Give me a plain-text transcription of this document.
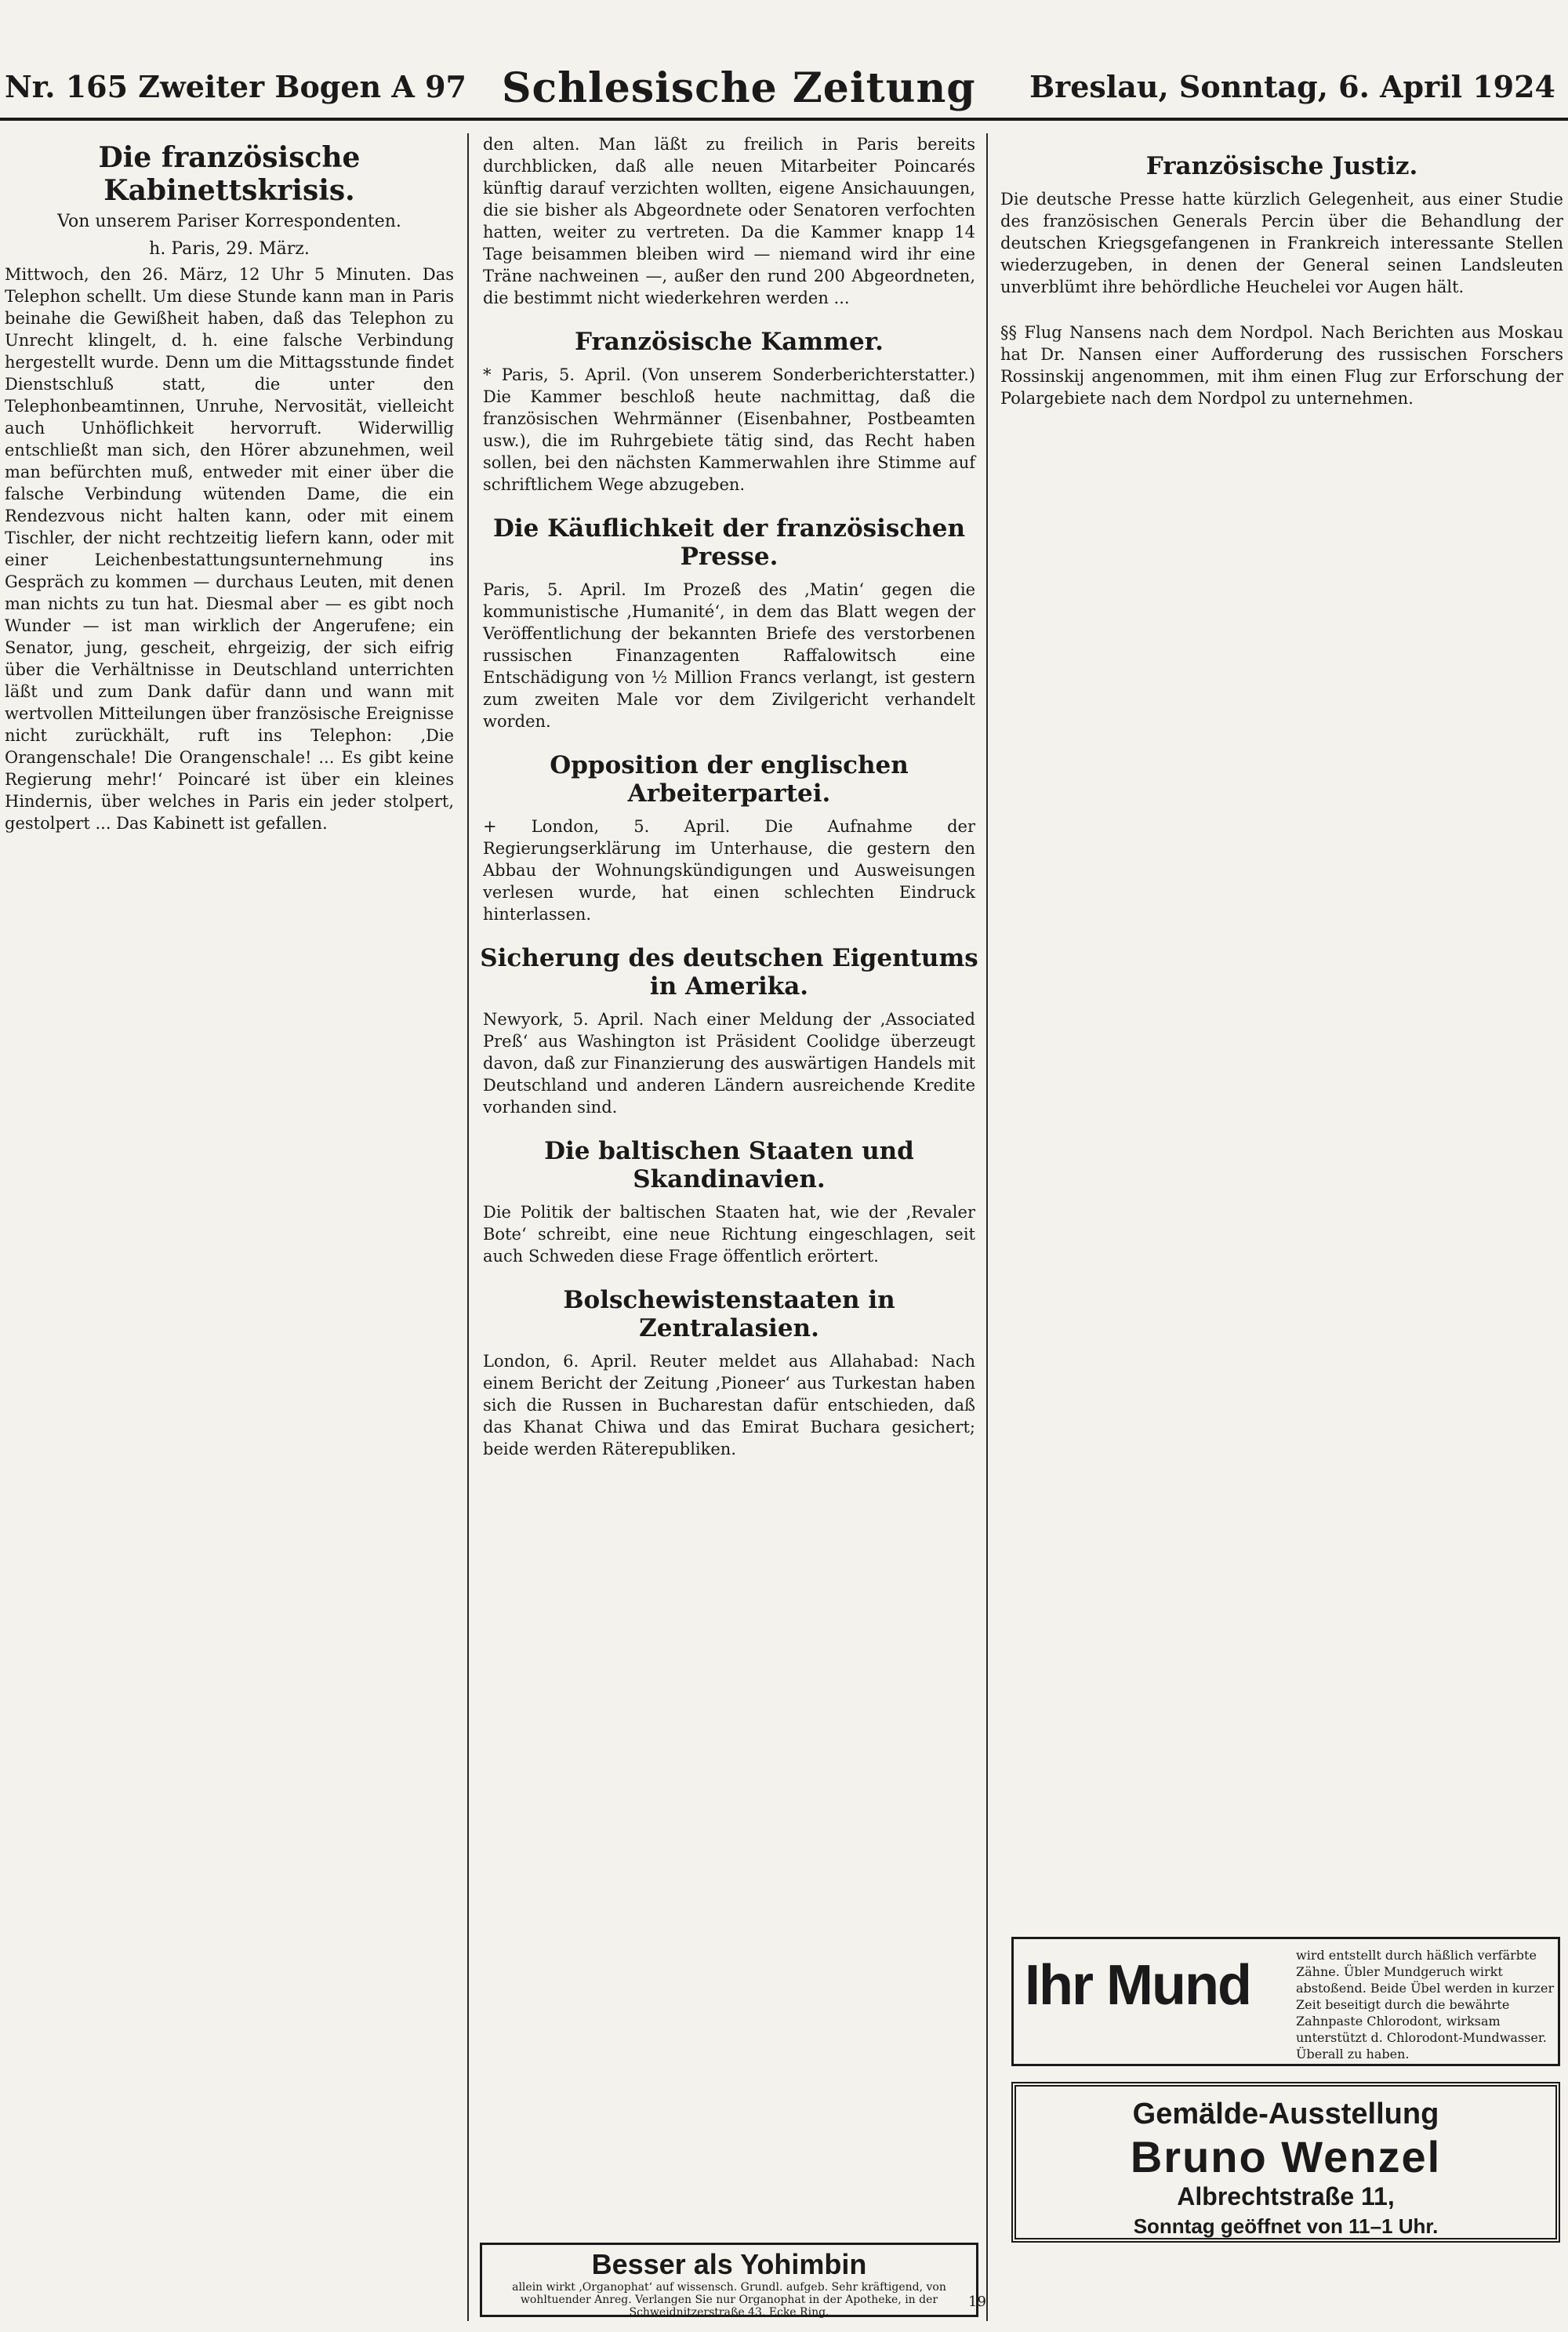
Nr. 165 Zweiter Bogen A 97 Schlesische Zeitung Breslau, Sonntag, 6. April 1924
Die französische Kabinettskrisis.
Von unserem Pariser Korrespondenten.
h. Paris, 29. März.
Mittwoch, den 26. März, 12 Uhr 5 Minuten. Das Telephon schellt. Um diese Stunde kann man in Paris beinahe die Gewißheit haben, daß das Telephon zu Unrecht klingelt, d. h. eine falsche Verbindung hergestellt wurde. Denn um die Mittagsstunde findet Dienstschluß statt, die unter den Telephonbeamtinnen, Unruhe, Nervosität, vielleicht auch Unhöflichkeit hervorruft. Widerwillig entschließt man sich, den Hörer abzunehmen, weil man befürchten muß, entweder mit einer über die falsche Verbindung wütenden Dame, die ein Rendezvous nicht halten kann, oder mit einem Tischler, der nicht rechtzeitig liefern kann, oder mit einer Leichenbestattungsunternehmung ins Gespräch zu kommen — durchaus Leuten, mit denen man nichts zu tun hat. Diesmal aber — es gibt noch Wunder — ist man wirklich der Angerufene; ein Senator, jung, gescheit, ehrgeizig, der sich eifrig über die Verhältnisse in Deutschland unterrichten läßt und zum Dank dafür dann und wann mit wertvollen Mitteilungen über französische Ereignisse nicht zurückhält, ruft ins Telephon: ‚Die Orangenschale! Die Orangenschale! ... Es gibt keine Regierung mehr!‘ Poincaré ist über ein kleines Hindernis, über welches in Paris ein jeder stolpert, gestolpert ... Das Kabinett ist gefallen.
den alten. Man läßt zu freilich in Paris bereits durchblicken, daß alle neuen Mitarbeiter Poincarés künftig darauf verzichten wollten, eigene Ansichauungen, die sie bisher als Abgeordnete oder Senatoren verfochten hatten, weiter zu vertreten. Da die Kammer knapp 14 Tage beisammen bleiben wird — niemand wird ihr eine Träne nachweinen —, außer den rund 200 Abgeordneten, die bestimmt nicht wiederkehren werden ...
Französische Kammer.
* Paris, 5. April. (Von unserem Sonderberichterstatter.) Die Kammer beschloß heute nachmittag, daß die französischen Wehrmänner (Eisenbahner, Postbeamten usw.), die im Ruhrgebiete tätig sind, das Recht haben sollen, bei den nächsten Kammerwahlen ihre Stimme auf schriftlichem Wege abzugeben.
Die Käuflichkeit der französischen Presse.
Paris, 5. April. Im Prozeß des ‚Matin‘ gegen die kommunistische ‚Humanité‘, in dem das Blatt wegen der Veröffentlichung der bekannten Briefe des verstorbenen russischen Finanzagenten Raffalowitsch eine Entschädigung von ½ Million Francs verlangt, ist gestern zum zweiten Male vor dem Zivilgericht verhandelt worden.
Opposition der englischen Arbeiterpartei.
+ London, 5. April. Die Aufnahme der Regierungserklärung im Unterhause, die gestern den Abbau der Wohnungskündigungen und Ausweisungen verlesen wurde, hat einen schlechten Eindruck hinterlassen.
Sicherung des deutschen Eigentums in Amerika.
Newyork, 5. April. Nach einer Meldung der ‚Associated Preß‘ aus Washington ist Präsident Coolidge überzeugt davon, daß zur Finanzierung des auswärtigen Handels mit Deutschland und anderen Ländern ausreichende Kredite vorhanden sind.
Die baltischen Staaten und Skandinavien.
Die Politik der baltischen Staaten hat, wie der ‚Revaler Bote‘ schreibt, eine neue Richtung eingeschlagen, seit auch Schweden diese Frage öffentlich erörtert.
Bolschewistenstaaten in Zentralasien.
London, 6. April. Reuter meldet aus Allahabad: Nach einem Bericht der Zeitung ‚Pioneer‘ aus Turkestan haben sich die Russen in Bucharestan dafür entschieden, daß das Khanat Chiwa und das Emirat Buchara gesichert; beide werden Räterepubliken.
Französische Justiz.
Die deutsche Presse hatte kürzlich Gelegenheit, aus einer Studie des französischen Generals Percin über die Behandlung der deutschen Kriegsgefangenen in Frankreich interessante Stellen wiederzugeben, in denen der General seinen Landsleuten unverblümt ihre behördliche Heuchelei vor Augen hält.
§§ Flug Nansens nach dem Nordpol. Nach Berichten aus Moskau hat Dr. Nansen einer Aufforderung des russischen Forschers Rossinskij angenommen, mit ihm einen Flug zur Erforschung der Polargebiete nach dem Nordpol zu unternehmen.
Ihr Mund	wird entstellt durch häßlich verfärbte Zähne. Übler Mundgeruch wirkt abstoßend. Beide Übel werden in kurzer Zeit beseitigt durch die bewährte Zahnpaste Chlorodont, wirksam unterstützt d. Chlorodont-Mundwasser. Überall zu haben.
Gemälde-Ausstellung
Bruno Wenzel
Albrechtstraße 11,
Sonntag geöffnet von 11–1 Uhr.
Besser als Yohimbin
allein wirkt ‚Organophat‘ auf wissensch. Grundl. aufgeb. Sehr kräftigend, von wohltuender Anreg. Verlangen Sie nur Organophat in der Apotheke, in der Schweidnitzerstraße 43, Ecke Ring.
19
